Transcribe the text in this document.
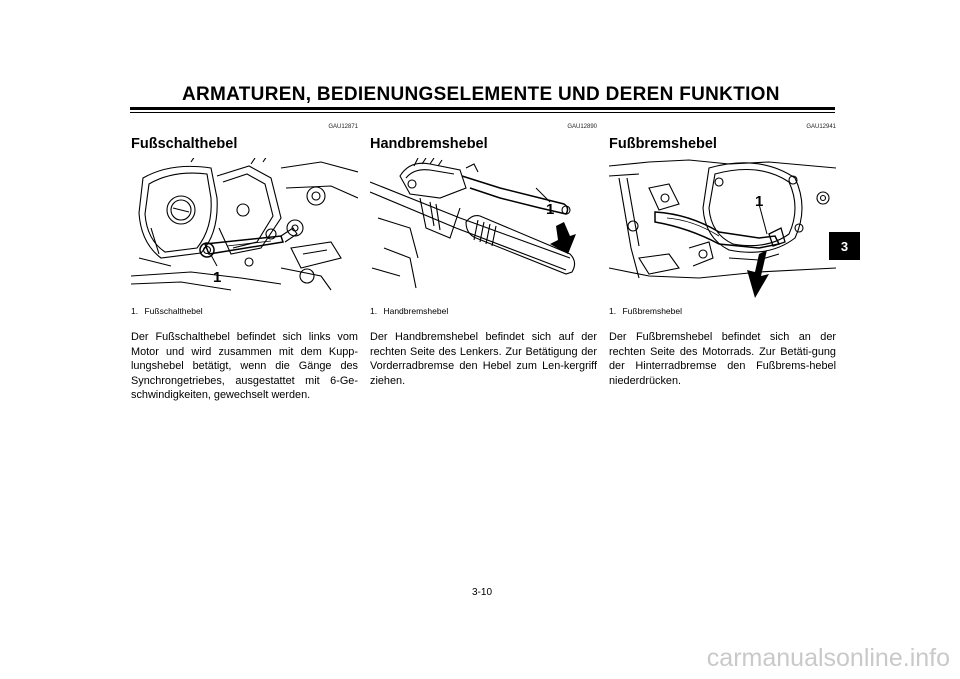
ARMATUREN, BEDIENUNGSELEMENTE UND DEREN FUNKTION
3
GAU12871
Fußschalthebel
1
1. Fußschalthebel
Der Fußschalthebel befindet sich links vom Motor und wird zusammen mit dem Kupp-lungshebel betätigt, wenn die Gänge des Synchrongetriebes, ausgestattet mit 6-Ge-schwindigkeiten, gewechselt werden.
GAU12890
Handbremshebel
1
1. Handbremshebel
Der Handbremshebel befindet sich auf der rechten Seite des Lenkers. Zur Betätigung der Vorderradbremse den Hebel zum Len-kergriff ziehen.
GAU12941
Fußbremshebel
1
1. Fußbremshebel
Der Fußbremshebel befindet sich an der rechten Seite des Motorrads. Zur Betäti-gung der Hinterradbremse den Fußbrems-hebel niederdrücken.
3-10
carmanualsonline.info
